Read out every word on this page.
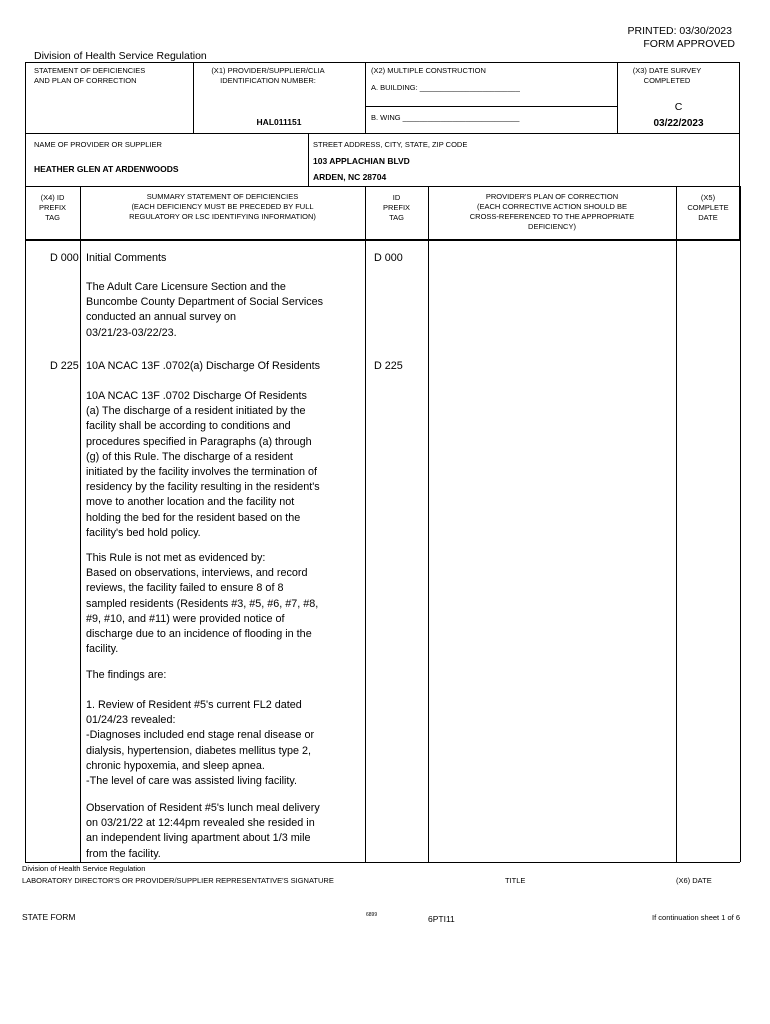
PRINTED: 03/30/2023
FORM APPROVED
Division of Health Service Regulation
STATEMENT OF DEFICIENCIES
AND PLAN OF CORRECTION
(X1) PROVIDER/SUPPLIER/CLIA
IDENTIFICATION NUMBER:
HAL011151
(X2) MULTIPLE CONSTRUCTION
A. BUILDING: ________________________
B. WING ____________________________
(X3) DATE SURVEY
COMPLETED
C
03/22/2023
NAME OF PROVIDER OR SUPPLIER
HEATHER GLEN AT ARDENWOODS
STREET ADDRESS, CITY, STATE, ZIP CODE
103 APPLACHIAN BLVD
ARDEN, NC 28704
(X4) ID
PREFIX
TAG
SUMMARY STATEMENT OF DEFICIENCIES
(EACH DEFICIENCY MUST BE PRECEDED BY FULL
REGULATORY OR LSC IDENTIFYING INFORMATION)
ID
PREFIX
TAG
PROVIDER'S PLAN OF CORRECTION
(EACH CORRECTIVE ACTION SHOULD BE
CROSS-REFERENCED TO THE APPROPRIATE
DEFICIENCY)
(X5)
COMPLETE
DATE
D 000 Initial Comments	D 000
The Adult Care Licensure Section and the
Buncombe County Department of Social Services
conducted an annual survey on
03/21/23-03/22/23.
D 225 10A NCAC 13F .0702(a) Discharge Of Residents	D 225
10A NCAC 13F .0702 Discharge Of Residents
(a) The discharge of a resident initiated by the
facility shall be according to conditions and
procedures specified in Paragraphs (a) through
(g) of this Rule. The discharge of a resident
initiated by the facility involves the termination of
residency by the facility resulting in the resident's
move to another location and the facility not
holding the bed for the resident based on the
facility's bed hold policy.
This Rule is not met as evidenced by:
Based on observations, interviews, and record
reviews, the facility failed to ensure 8 of 8
sampled residents (Residents #3, #5, #6, #7, #8,
#9, #10, and #11) were provided notice of
discharge due to an incidence of flooding in the
facility.
The findings are:
1. Review of Resident #5's current FL2 dated
01/24/23 revealed:
-Diagnoses included end stage renal disease or
dialysis, hypertension, diabetes mellitus type 2,
chronic hypoxemia, and sleep apnea.
-The level of care was assisted living facility.
Observation of Resident #5's lunch meal delivery
on 03/21/22 at 12:44pm revealed she resided in
an independent living apartment about 1/3 mile
from the facility.
Division of Health Service Regulation
LABORATORY DIRECTOR'S OR PROVIDER/SUPPLIER REPRESENTATIVE'S SIGNATURE	TITLE	(X6) DATE
STATE FORM	6899	6PTI11	If continuation sheet 1 of 6
